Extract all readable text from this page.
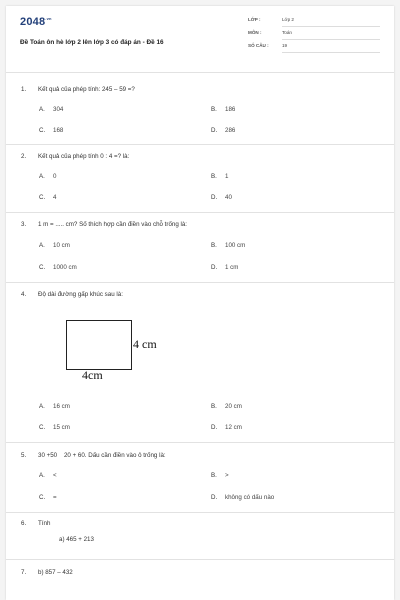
$2048^{.vn}$
Đề Toán ôn hè lớp 2 lên lớp 3 có đáp án - Đề 16
LỚP :	Lớp 2
MÔN :	Toán
SỐ CÂU :	19
1. Kết quả của phép tính: 245 – 59 =?
A. 304	B. 186
C. 168	D. 286
2. Kết quả của phép tính 0 : 4 =? là:
A. 0	B. 1
C. 4	D. 40
3. 1 m = ..... cm? Số thích hợp cần điền vào chỗ trống là:
A. 10 cm	B. 100 cm
C. 1000 cm	D. 1 cm
4. Độ dài đường gấp khúc sau là:
4 cm
4cm
A. 16 cm	B. 20 cm
C. 15 cm	D. 12 cm
5. 30 +50    20 + 60. Dấu cần điền vào ô trống là:
A. <	B. >
C. =	D. không có dấu nào
6. Tính
a) 465 + 213
7. b) 857 – 432
